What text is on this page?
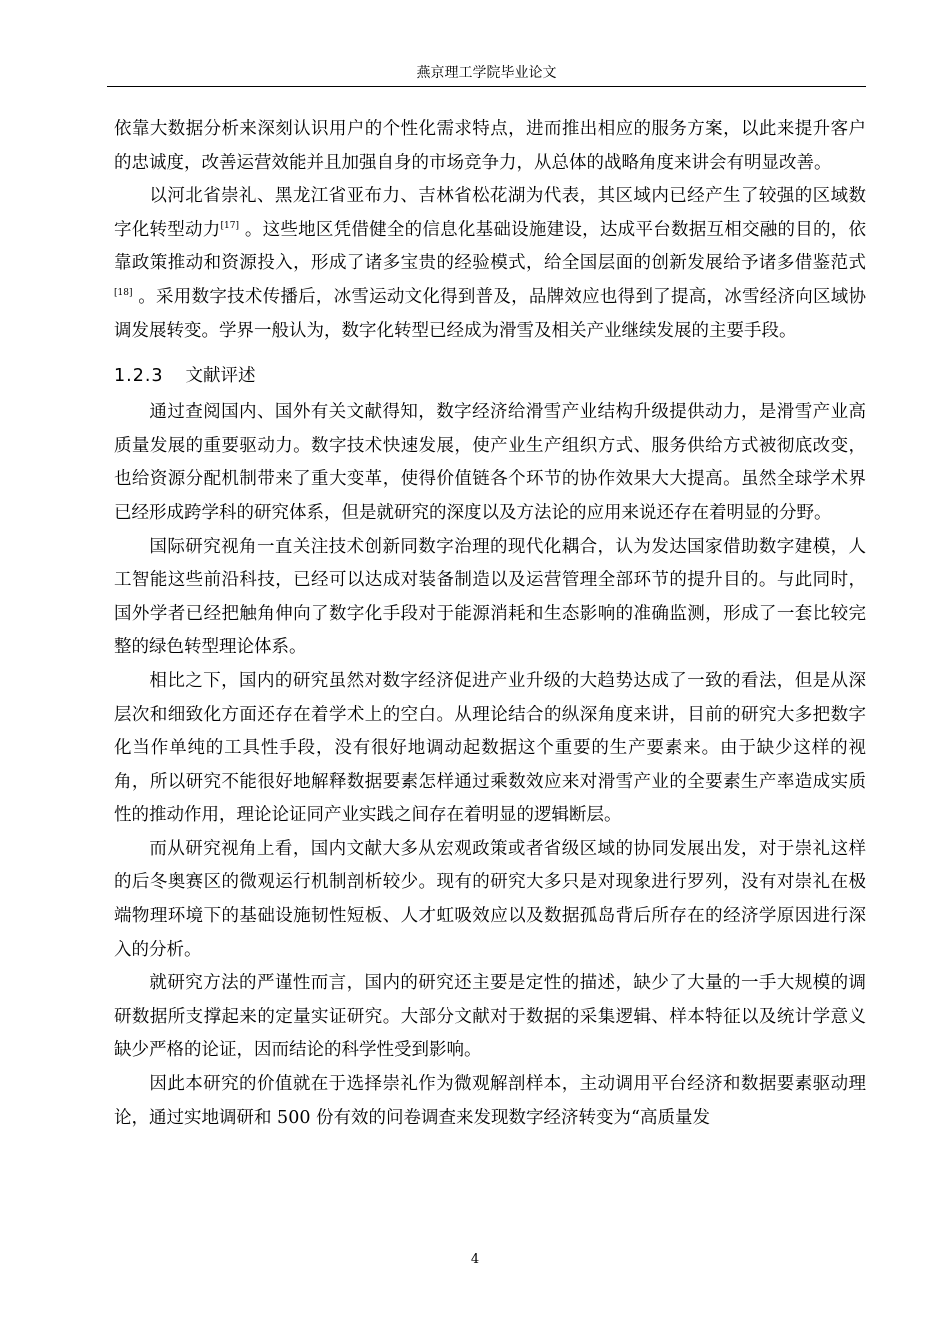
燕京理工学院毕业论文

依靠大数据分析来深刻认识用户的个性化需求特点，进而推出相应的服务方案，以此来提升客户的忠诚度，改善运营效能并且加强自身的市场竞争力，从总体的战略角度来讲会有明显改善。

以河北省崇礼、黑龙江省亚布力、吉林省松花湖为代表，其区域内已经产生了较强的区域数字化转型动力[17] 。这些地区凭借健全的信息化基础设施建设，达成平台数据互相交融的目的，依靠政策推动和资源投入，形成了诸多宝贵的经验模式，给全国层面的创新发展给予诸多借鉴范式[18] 。采用数字技术传播后，冰雪运动文化得到普及，品牌效应也得到了提高，冰雪经济向区域协调发展转变。学界一般认为，数字化转型已经成为滑雪及相关产业继续发展的主要手段。

1.2.3 文献评述

通过查阅国内、国外有关文献得知，数字经济给滑雪产业结构升级提供动力，是滑雪产业高质量发展的重要驱动力。数字技术快速发展，使产业生产组织方式、服务供给方式被彻底改变，也给资源分配机制带来了重大变革，使得价值链各个环节的协作效果大大提高。虽然全球学术界已经形成跨学科的研究体系，但是就研究的深度以及方法论的应用来说还存在着明显的分野。

国际研究视角一直关注技术创新同数字治理的现代化耦合，认为发达国家借助数字建模，人工智能这些前沿科技，已经可以达成对装备制造以及运营管理全部环节的提升目的。与此同时，国外学者已经把触角伸向了数字化手段对于能源消耗和生态影响的准确监测，形成了一套比较完整的绿色转型理论体系。

相比之下，国内的研究虽然对数字经济促进产业升级的大趋势达成了一致的看法，但是从深层次和细致化方面还存在着学术上的空白。从理论结合的纵深角度来讲，目前的研究大多把数字化当作单纯的工具性手段，没有很好地调动起数据这个重要的生产要素来。由于缺少这样的视角，所以研究不能很好地解释数据要素怎样通过乘数效应来对滑雪产业的全要素生产率造成实质性的推动作用，理论论证同产业实践之间存在着明显的逻辑断层。

而从研究视角上看，国内文献大多从宏观政策或者省级区域的协同发展出发，对于崇礼这样的后冬奥赛区的微观运行机制剖析较少。现有的研究大多只是对现象进行罗列，没有对崇礼在极端物理环境下的基础设施韧性短板、人才虹吸效应以及数据孤岛背后所存在的经济学原因进行深入的分析。

就研究方法的严谨性而言，国内的研究还主要是定性的描述，缺少了大量的一手大规模的调研数据所支撑起来的定量实证研究。大部分文献对于数据的采集逻辑、样本特征以及统计学意义缺少严格的论证，因而结论的科学性受到影响。

因此本研究的价值就在于选择崇礼作为微观解剖样本，主动调用平台经济和数据要素驱动理论，通过实地调研和 500 份有效的问卷调查来发现数字经济转变为“高质量发

4
